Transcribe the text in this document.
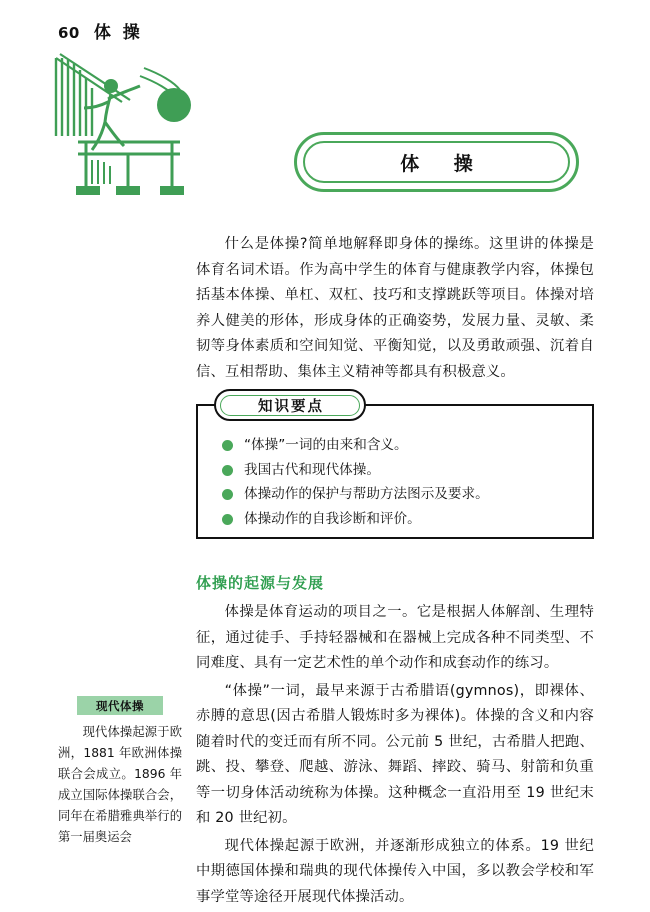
60 体 操
体 操

什么是体操?简单地解释即身体的操练。这里讲的体操是体育名词术语。作为高中学生的体育与健康教学内容，体操包括基本体操、单杠、双杠、技巧和支撑跳跃等项目。体操对培养人健美的形体，形成身体的正确姿势，发展力量、灵敏、柔韧等身体素质和空间知觉、平衡知觉，以及勇敢顽强、沉着自信、互相帮助、集体主义精神等都具有积极意义。

知识要点
“体操”一词的由来和含义。
我国古代和现代体操。
体操动作的保护与帮助方法图示及要求。
体操动作的自我诊断和评价。
体操的起源与发展

体操是体育运动的项目之一。它是根据人体解剖、生理特征，通过徒手、手持轻器械和在器械上完成各种不同类型、不同难度、具有一定艺术性的单个动作和成套动作的练习。

“体操”一词，最早来源于古希腊语(gymnos)，即裸体、赤膊的意思(因古希腊人锻炼时多为裸体)。体操的含义和内容随着时代的变迁而有所不同。公元前 5 世纪，古希腊人把跑、跳、投、攀登、爬越、游泳、舞蹈、摔跤、骑马、射箭和负重等一切身体活动统称为体操。这种概念一直沿用至 19 世纪末和 20 世纪初。

现代体操起源于欧洲，并逐渐形成独立的体系。19 世纪中期德国体操和瑞典的现代体操传入中国，多以教会学校和军事学堂等途径开展现代体操活动。

现代体操
现代体操起源于欧洲，1881 年欧洲体操联合会成立。1896 年成立国际体操联合会，同年在希腊雅典举行的第一届奥运会
